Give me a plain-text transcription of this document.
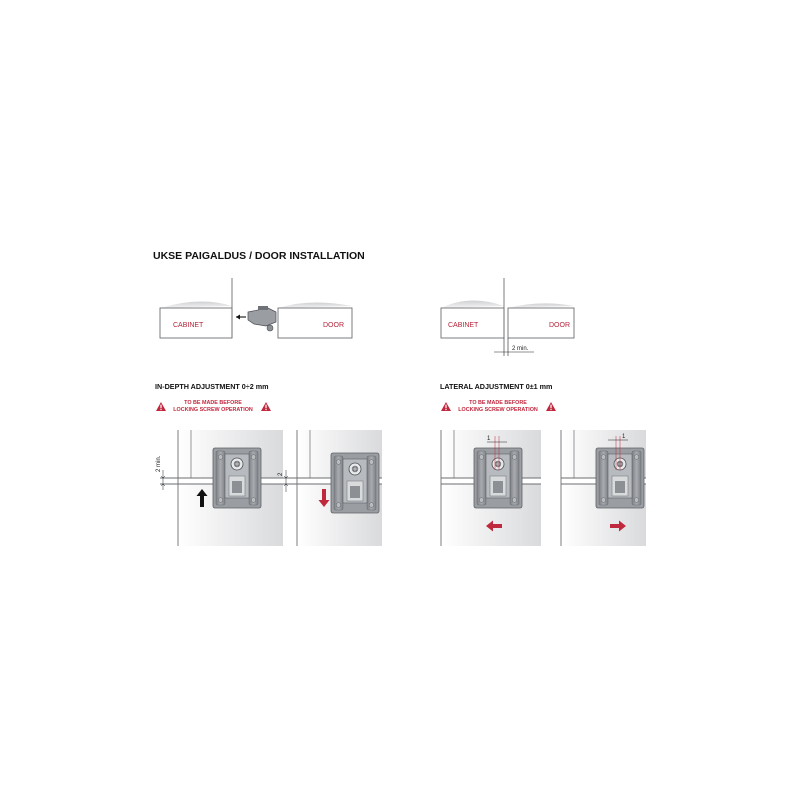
UKSE PAIGALDUS / DOOR INSTALLATION
CABINET	DOOR	CABINET	DOOR
2 min.
IN-DEPTH ADJUSTMENT 0÷2 mm
TO BE MADE BEFORE
LOCKING SCREW OPERATION
2 min.
2
LATERAL ADJUSTMENT 0±1 mm
TO BE MADE BEFORE
LOCKING SCREW OPERATION
1	1
